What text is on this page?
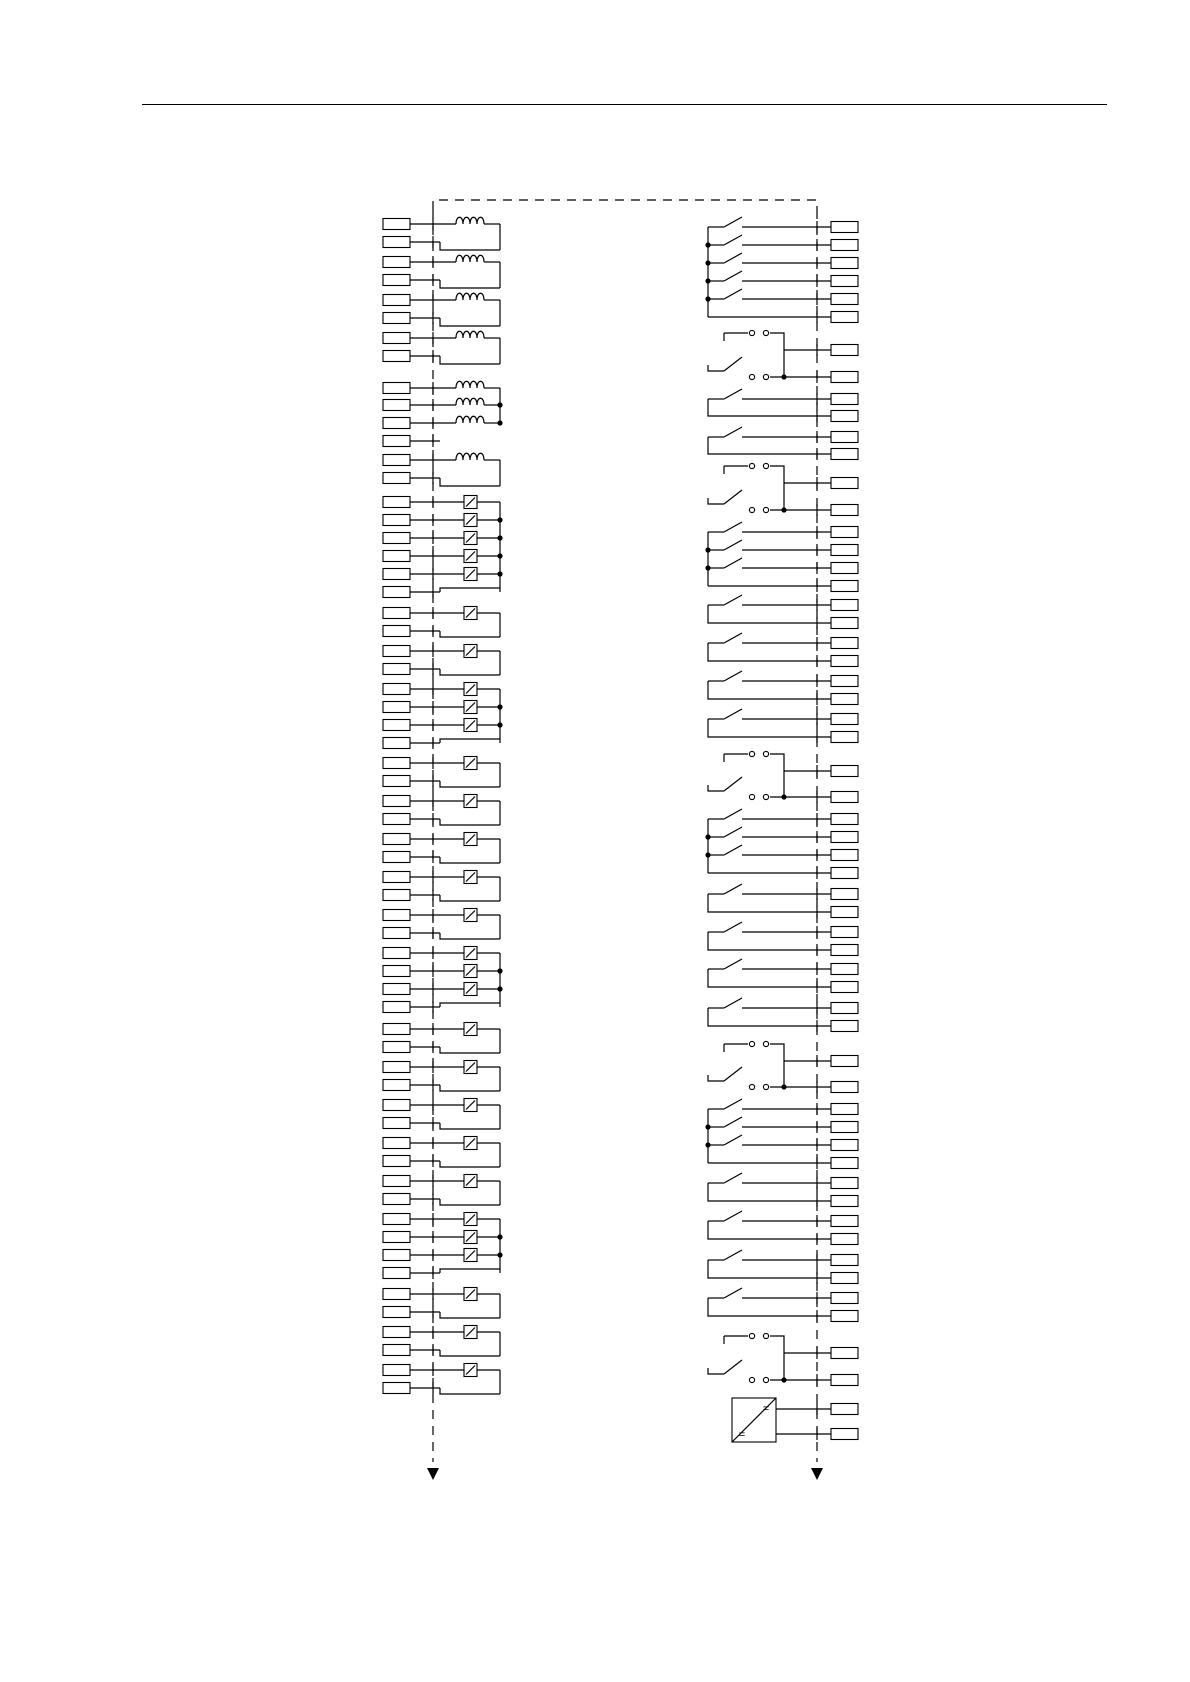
=
=
